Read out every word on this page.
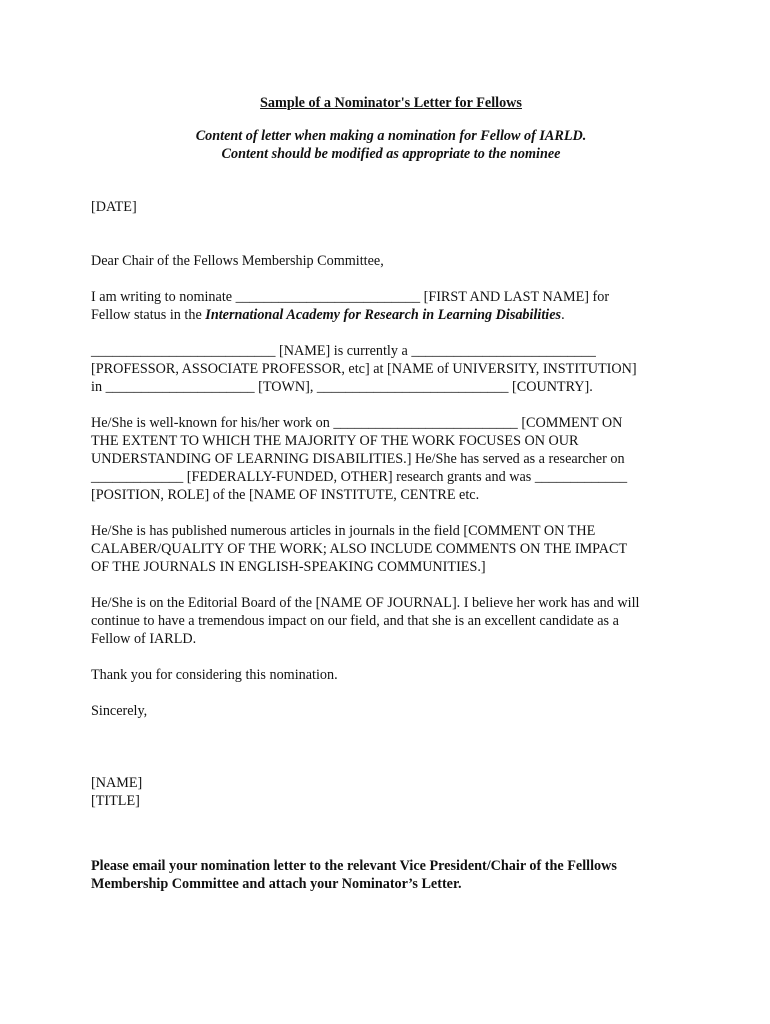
Sample of a Nominator's Letter for Fellows

Content of letter when making a nomination for Fellow of IARLD.

Content should be modified as appropriate to the nominee

[DATE]

Dear Chair of the Fellows Membership Committee,

I am writing to nominate __________________________ [FIRST AND LAST NAME] for

Fellow status in the International Academy for Research in Learning Disabilities.

__________________________ [NAME] is currently a __________________________

[PROFESSOR, ASSOCIATE PROFESSOR, etc] at [NAME of UNIVERSITY, INSTITUTION]

in _____________________ [TOWN], ___________________________ [COUNTRY].

He/She is well-known for his/her work on __________________________ [COMMENT ON

THE EXTENT TO WHICH THE MAJORITY OF THE WORK FOCUSES ON OUR

UNDERSTANDING OF LEARNING DISABILITIES.] He/She has served as a researcher on

_____________ [FEDERALLY-FUNDED, OTHER] research grants and was _____________

[POSITION, ROLE] of the [NAME OF INSTITUTE, CENTRE etc.

He/She is has published numerous articles in journals in the field [COMMENT ON THE

CALABER/QUALITY OF THE WORK; ALSO INCLUDE COMMENTS ON THE IMPACT

OF THE JOURNALS IN ENGLISH-SPEAKING COMMUNITIES.]

He/She is on the Editorial Board of the [NAME OF JOURNAL]. I believe her work has and will

continue to have a tremendous impact on our field, and that she is an excellent candidate as a

Fellow of IARLD.

Thank you for considering this nomination.

Sincerely,

[NAME]

[TITLE]

Please email your nomination letter to the relevant Vice President/Chair of the Felllows

Membership Committee and attach your Nominator’s Letter.
